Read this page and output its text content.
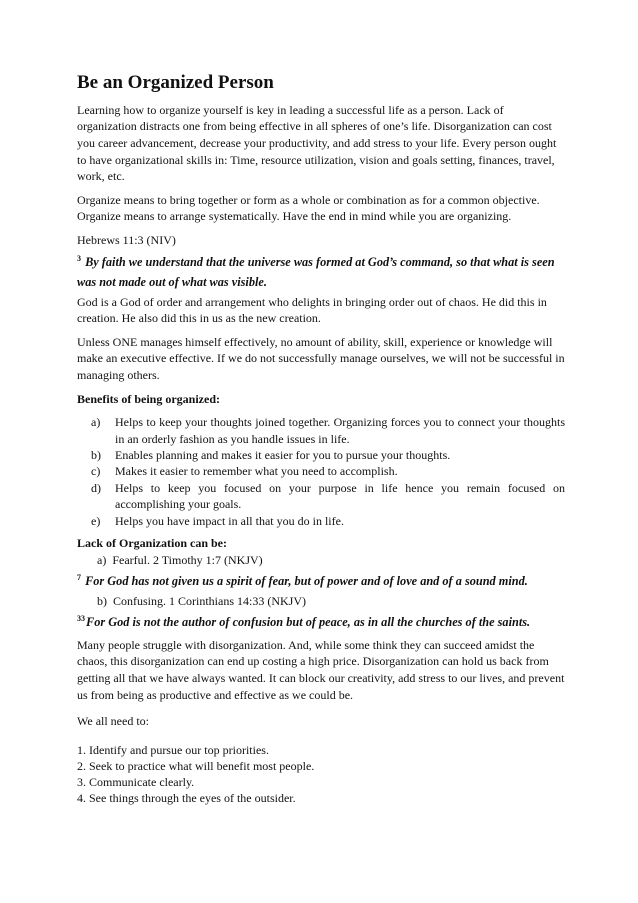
Be an Organized Person

Learning how to organize yourself is key in leading a successful life as a person. Lack of organization distracts one from being effective in all spheres of one’s life. Disorganization can cost you career advancement, decrease your productivity, and add stress to your life. Every person ought to have organizational skills in: Time, resource utilization, vision and goals setting, finances, travel, work, etc.

Organize means to bring together or form as a whole or combination as for a common objective. Organize means to arrange systematically. Have the end in mind while you are organizing.

Hebrews 11:3 (NIV)

$^3$ By faith we understand that the universe was formed at God’s command, so that what is seen was not made out of what was visible.

God is a God of order and arrangement who delights in bringing order out of chaos. He did this in creation. He also did this in us as the new creation.

Unless ONE manages himself effectively, no amount of ability, skill, experience or knowledge will make an executive effective. If we do not successfully manage ourselves, we will not be successful in managing others.

Benefits of being organized:

a) Helps to keep your thoughts joined together. Organizing forces you to connect your thoughts in an orderly fashion as you handle issues in life.
b) Enables planning and makes it easier for you to pursue your thoughts.
c) Makes it easier to remember what you need to accomplish.
d) Helps to keep you focused on your purpose in life hence you remain focused on accomplishing your goals.
e) Helps you have impact in all that you do in life.

Lack of Organization can be:

a) Fearful. 2 Timothy 1:7 (NKJV)

$^7$ For God has not given us a spirit of fear, but of power and of love and of a sound mind.

b) Confusing. 1 Corinthians 14:33 (NKJV)

$^{33}$For God is not the author of confusion but of peace, as in all the churches of the saints.

Many people struggle with disorganization. And, while some think they can succeed amidst the chaos, this disorganization can end up costing a high price. Disorganization can hold us back from getting all that we have always wanted. It can block our creativity, add stress to our lives, and prevent us from being as productive and effective as we could be.

We all need to:

1. Identify and pursue our top priorities.

2. Seek to practice what will benefit most people.

3. Communicate clearly.

4. See things through the eyes of the outsider.
